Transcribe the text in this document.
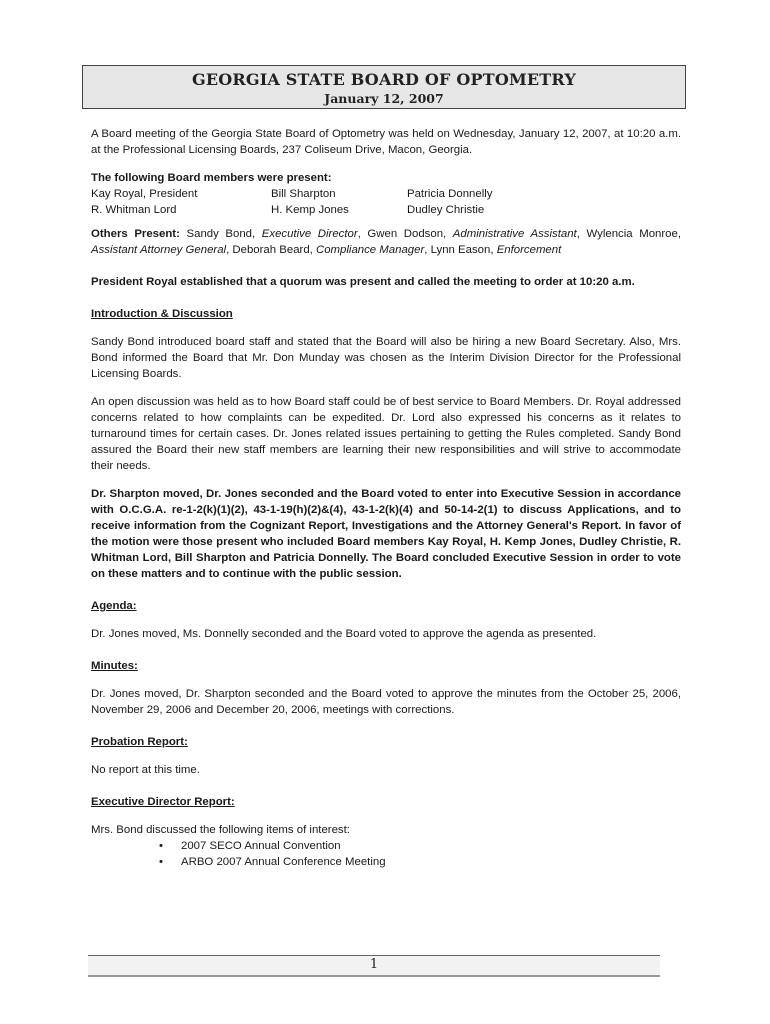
GEORGIA STATE BOARD OF OPTOMETRY
January 12, 2007

A Board meeting of the Georgia State Board of Optometry was held on Wednesday, January 12, 2007, at 10:20 a.m. at the Professional Licensing Boards, 237 Coliseum Drive, Macon, Georgia.

The following Board members were present:

Kay Royal, President
R. Whitman Lord
Bill Sharpton
H. Kemp Jones
Patricia Donnelly
Dudley Christie

Others Present: Sandy Bond, Executive Director, Gwen Dodson, Administrative Assistant, Wylencia Monroe, Assistant Attorney General, Deborah Beard, Compliance Manager, Lynn Eason, Enforcement

President Royal established that a quorum was present and called the meeting to order at 10:20 a.m.

Introduction & Discussion

Sandy Bond introduced board staff and stated that the Board will also be hiring a new Board Secretary. Also, Mrs. Bond informed the Board that Mr. Don Munday was chosen as the Interim Division Director for the Professional Licensing Boards.

An open discussion was held as to how Board staff could be of best service to Board Members. Dr. Royal addressed concerns related to how complaints can be expedited. Dr. Lord also expressed his concerns as it relates to turnaround times for certain cases. Dr. Jones related issues pertaining to getting the Rules completed. Sandy Bond assured the Board their new staff members are learning their new responsibilities and will strive to accommodate their needs.

Dr. Sharpton moved, Dr. Jones seconded and the Board voted to enter into Executive Session in accordance with O.C.G.A. re-1-2(k)(1)(2), 43-1-19(h)(2)&(4), 43-1-2(k)(4) and 50-14-2(1) to discuss Applications, and to receive information from the Cognizant Report, Investigations and the Attorney General's Report. In favor of the motion were those present who included Board members Kay Royal, H. Kemp Jones, Dudley Christie, R. Whitman Lord, Bill Sharpton and Patricia Donnelly. The Board concluded Executive Session in order to vote on these matters and to continue with the public session.

Agenda:

Dr. Jones moved, Ms. Donnelly seconded and the Board voted to approve the agenda as presented.

Minutes:

Dr. Jones moved, Dr. Sharpton seconded and the Board voted to approve the minutes from the October 25, 2006, November 29, 2006 and December 20, 2006, meetings with corrections.

Probation Report:

No report at this time.

Executive Director Report:

Mrs. Bond discussed the following items of interest:

• 2007 SECO Annual Convention
• ARBO 2007 Annual Conference Meeting
1
